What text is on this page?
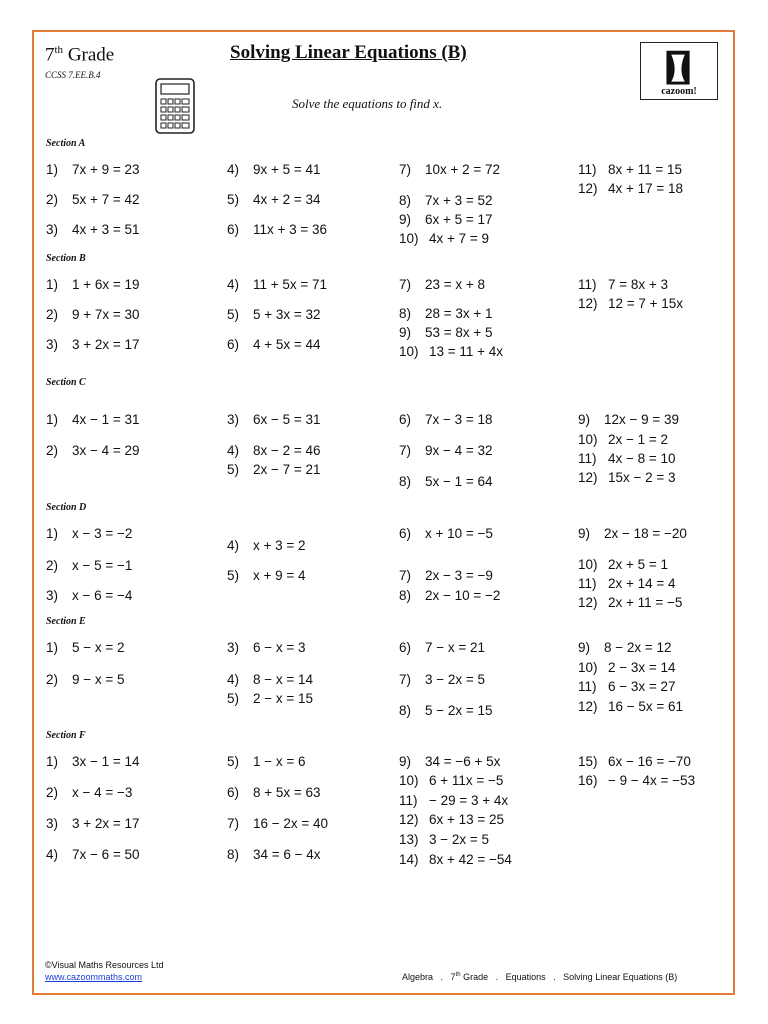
7th Grade
CCSS 7.EE.B.4
Solving Linear Equations (B)
Solve the equations to find x.
cazoom!
Section A
1) 7x + 9 = 23
2) 5x + 7 = 42
3) 4x + 3 = 51
4) 9x + 5 = 41
5) 4x + 2 = 34
6) 11x + 3 = 36
7) 10x + 2 = 72
8) 7x + 3 = 52
9) 6x + 5 = 17
10) 4x + 7 = 9
11) 8x + 11 = 15
12) 4x + 17 = 18
Section B
1) 1 + 6x = 19
2) 9 + 7x = 30
3) 3 + 2x = 17
4) 11 + 5x = 71
5) 5 + 3x = 32
6) 4 + 5x = 44
7) 23 = x + 8
8) 28 = 3x + 1
9) 53 = 8x + 5
10) 13 = 11 + 4x
11) 7 = 8x + 3
12) 12 = 7 + 15x
Section C
1) 4x − 1 = 31
2) 3x − 4 = 29
3) 6x − 5 = 31
4) 8x − 2 = 46
5) 2x − 7 = 21
6) 7x − 3 = 18
7) 9x − 4 = 32
8) 5x − 1 = 64
9) 12x − 9 = 39
10) 2x − 1 = 2
11) 4x − 8 = 10
12) 15x − 2 = 3
Section D
1) x − 3 = −2
2) x − 5 = −1
3) x − 6 = −4
4) x + 3 = 2
5) x + 9 = 4
6) x + 10 = −5
7) 2x − 3 = −9
8) 2x − 10 = −2
9) 2x − 18 = −20
10) 2x + 5 = 1
11) 2x + 14 = 4
12) 2x + 11 = −5
Section E
1) 5 − x = 2
2) 9 − x = 5
3) 6 − x = 3
4) 8 − x = 14
5) 2 − x = 15
6) 7 − x = 21
7) 3 − 2x = 5
8) 5 − 2x = 15
9) 8 − 2x = 12
10) 2 − 3x = 14
11) 6 − 3x = 27
12) 16 − 5x = 61
Section F
1) 3x − 1 = 14
2) x − 4 = −3
3) 3 + 2x = 17
4) 7x − 6 = 50
5) 1 − x = 6
6) 8 + 5x = 63
7) 16 − 2x = 40
8) 34 = 6 − 4x
9) 34 = −6 + 5x
10) 6 + 11x = −5
11) − 29 = 3 + 4x
12) 6x + 13 = 25
13) 3 − 2x = 5
14) 8x + 42 = −54
15) 6x − 16 = −70
16) − 9 − 4x = −53
©Visual Maths Resources Ltd
www.cazoommaths.com	Algebra   .   7th Grade   .   Equations   .   Solving Linear Equations (B)
